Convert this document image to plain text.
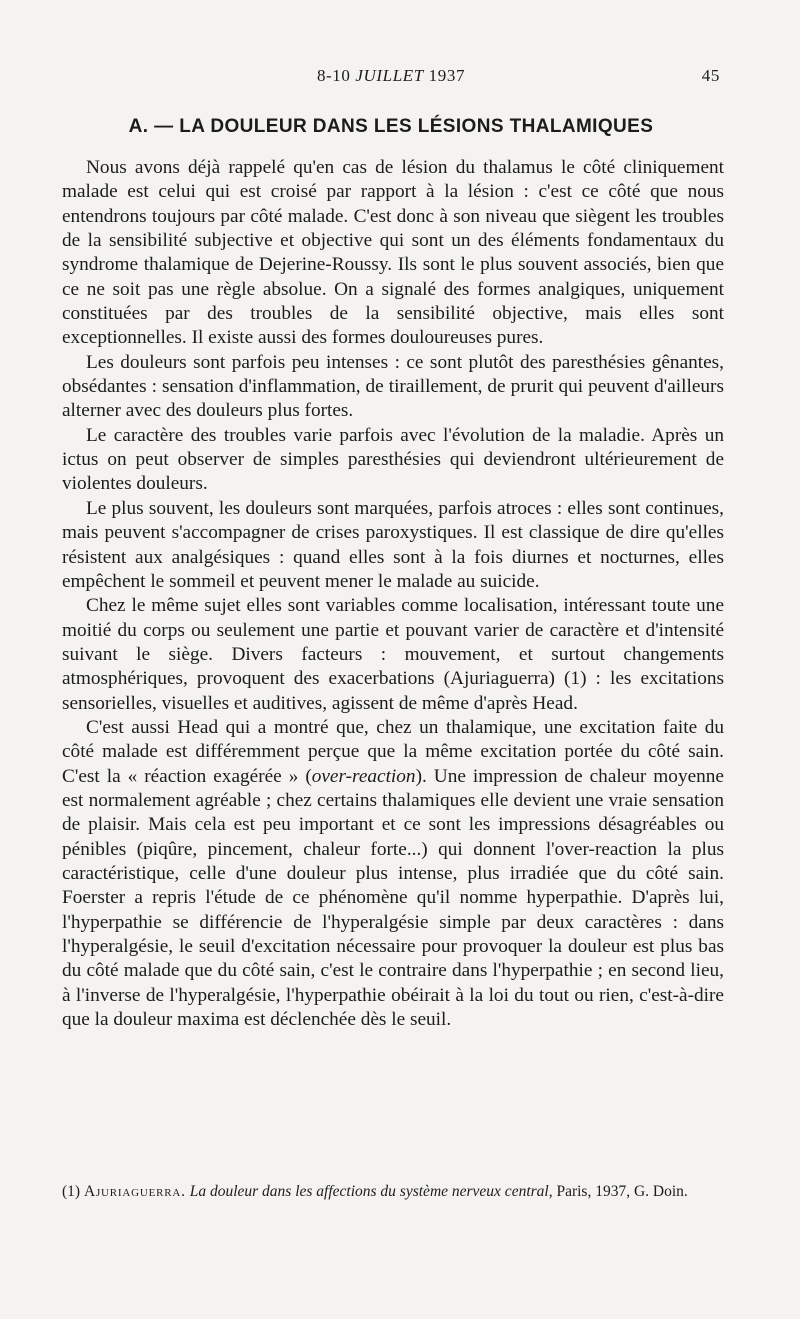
8-10 JUILLET 1937	45
A. — LA DOULEUR DANS LES LÉSIONS THALAMIQUES

Nous avons déjà rappelé qu'en cas de lésion du thalamus le côté cliniquement malade est celui qui est croisé par rapport à la lésion : c'est ce côté que nous entendrons toujours par côté malade. C'est donc à son niveau que siègent les troubles de la sensibilité subjective et objective qui sont un des éléments fondamentaux du syndrome thalamique de Dejerine-Roussy. Ils sont le plus souvent associés, bien que ce ne soit pas une règle absolue. On a signalé des formes analgiques, uniquement constituées par des troubles de la sensibilité objective, mais elles sont exceptionnelles. Il existe aussi des formes douloureuses pures.

Les douleurs sont parfois peu intenses : ce sont plutôt des paresthésies gênantes, obsédantes : sensation d'inflammation, de tiraillement, de prurit qui peuvent d'ailleurs alterner avec des douleurs plus fortes.

Le caractère des troubles varie parfois avec l'évolution de la maladie. Après un ictus on peut observer de simples paresthésies qui deviendront ultérieurement de violentes douleurs.

Le plus souvent, les douleurs sont marquées, parfois atroces : elles sont continues, mais peuvent s'accompagner de crises paroxystiques. Il est classique de dire qu'elles résistent aux analgésiques : quand elles sont à la fois diurnes et nocturnes, elles empêchent le sommeil et peuvent mener le malade au suicide.

Chez le même sujet elles sont variables comme localisation, intéressant toute une moitié du corps ou seulement une partie et pouvant varier de caractère et d'intensité suivant le siège. Divers facteurs : mouvement, et surtout changements atmosphériques, provoquent des exacerbations (Ajuriaguerra) (1) : les excitations sensorielles, visuelles et auditives, agissent de même d'après Head.

C'est aussi Head qui a montré que, chez un thalamique, une excitation faite du côté malade est différemment perçue que la même excitation portée du côté sain. C'est la « réaction exagérée » (over-reaction). Une impression de chaleur moyenne est normalement agréable ; chez certains thalamiques elle devient une vraie sensation de plaisir. Mais cela est peu important et ce sont les impressions désagréables ou pénibles (piqûre, pincement, chaleur forte...) qui donnent l'over-reaction la plus caractéristique, celle d'une douleur plus intense, plus irradiée que du côté sain. Foerster a repris l'étude de ce phénomène qu'il nomme hyperpathie. D'après lui, l'hyperpathie se différencie de l'hyperalgésie simple par deux caractères : dans l'hyperalgésie, le seuil d'excitation nécessaire pour provoquer la douleur est plus bas du côté malade que du côté sain, c'est le contraire dans l'hyperpathie ; en second lieu, à l'inverse de l'hyperalgésie, l'hyperpathie obéirait à la loi du tout ou rien, c'est-à-dire que la douleur maxima est déclenchée dès le seuil.

(1) Ajuriaguerra. La douleur dans les affections du système nerveux central, Paris, 1937, G. Doin.
